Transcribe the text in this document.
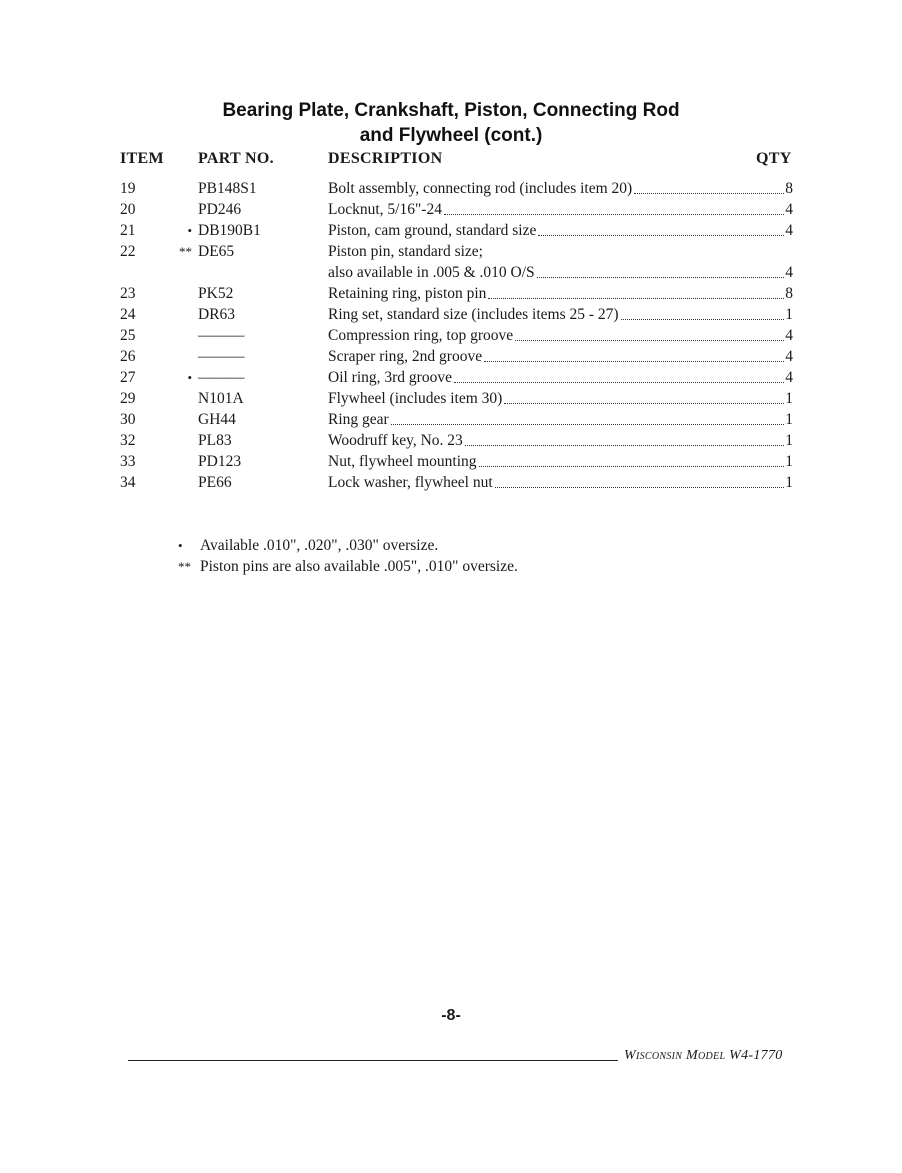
Bearing Plate, Crankshaft, Piston, Connecting Rod
and Flywheel (cont.)
ITEM PART NO.	DESCRIPTION	QTY
19	PB148S1	Bolt assembly, connecting rod (includes item 20)	8
20	PD246	Locknut, 5/16"-24	4
21	• DB190B1	Piston, cam ground, standard size	4
22	** DE65	Piston pin, standard size;
also available in .005 & .010 O/S	4
23	PK52	Retaining ring, piston pin	8
24	DR63	Ring set, standard size (includes items 25 - 27)	1
25	———	Compression ring, top groove	4
26	———	Scraper ring, 2nd groove	4
27	• ———	Oil ring, 3rd groove	4
29	N101A	Flywheel (includes item 30)	1
30	GH44	Ring gear	1
32	PL83	Woodruff key, No. 23	1
33	PD123	Nut, flywheel mounting	1
34	PE66	Lock washer, flywheel nut	1
• Available .010", .020", .030" oversize.
** Piston pins are also available .005", .010" oversize.
-8-
Wisconsin Model W4-1770
